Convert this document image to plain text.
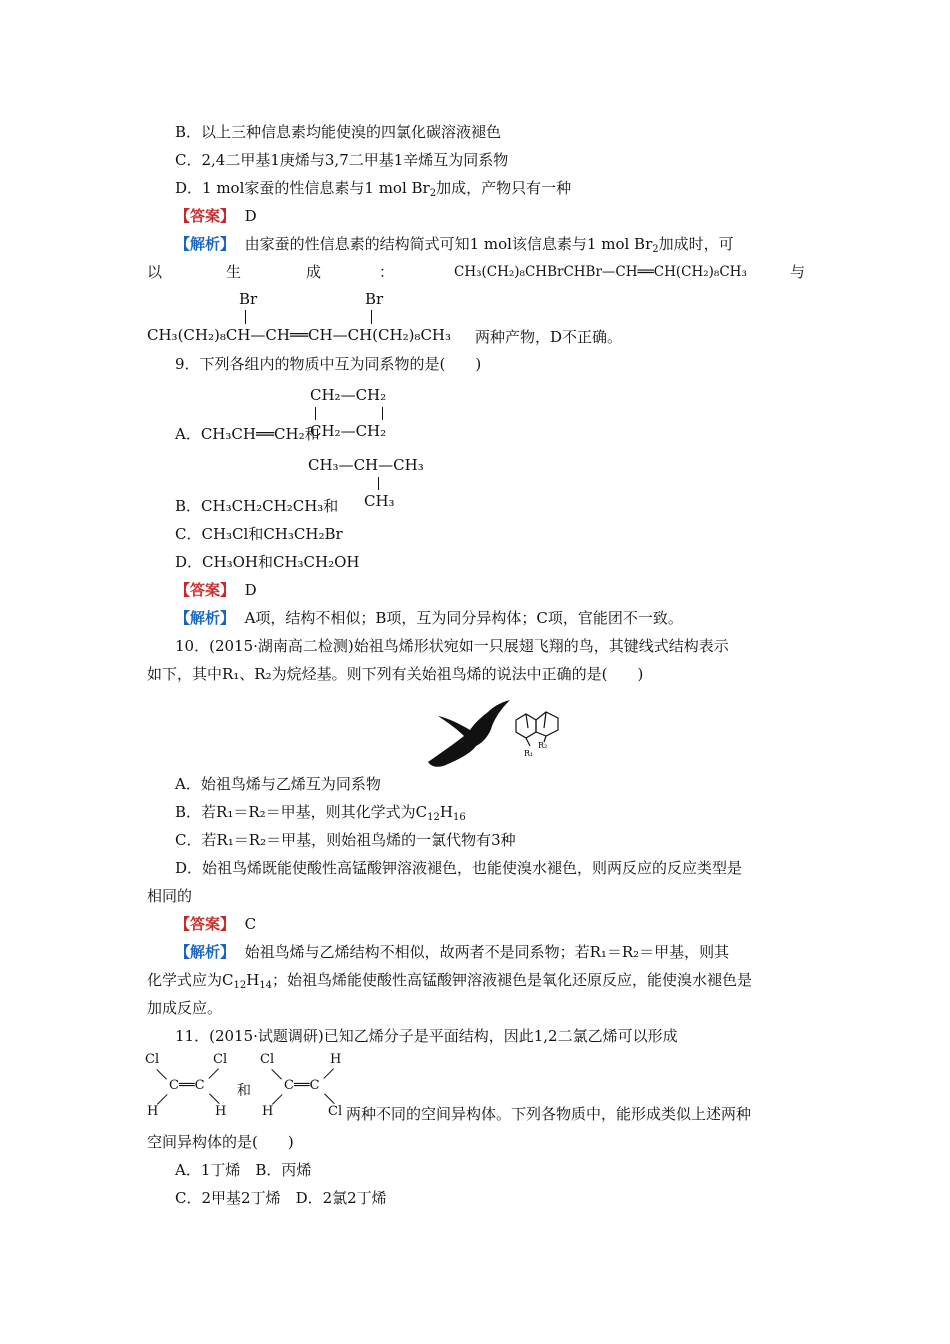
B．以上三种信息素均能使溴的四氯化碳溶液褪色
C．2,4二甲基1庚烯与3,7二甲基1辛烯互为同系物
D．1 mol家蚕的性信息素与1 mol $Br_2$加成，产物只有一种
【答案】 D
【解析】 由家蚕的性信息素的结构简式可知1 mol该信息素与1 mol $Br_2$加成时，可
以	生	成	：	CH₃(CH₂)₈CHBrCHBr—CH══CH(CH₂)₈CH₃	与
Br	Br
CH₃(CH₂)₈CH—CH══CH—CH(CH₂)₈CH₃ 两种产物，D不正确。
9．下列各组内的物质中互为同系物的是(　　)
CH₂—CH₂
CH₂—CH₂
A．CH₃CH══CH₂和
CH₃—CH—CH₃
CH₃
B．CH₃CH₂CH₂CH₃和
C．CH₃Cl和CH₃CH₂Br
D．CH₃OH和CH₃CH₂OH
【答案】 D
【解析】 A项，结构不相似；B项，互为同分异构体；C项，官能团不一致。
10．(2015·湖南高二检测)始祖鸟烯形状宛如一只展翅飞翔的鸟，其键线式结构表示
如下，其中R₁、R₂为烷烃基。则下列有关始祖鸟烯的说法中正确的是(　　)
R₁
R₂
A．始祖鸟烯与乙烯互为同系物
B．若R₁＝R₂＝甲基，则其化学式为$C_{12}H_{16}$
C．若R₁＝R₂＝甲基，则始祖鸟烯的一氯代物有3种
D．始祖鸟烯既能使酸性高锰酸钾溶液褪色，也能使溴水褪色，则两反应的反应类型是
相同的
【答案】 C
【解析】 始祖鸟烯与乙烯结构不相似，故两者不是同系物；若R₁＝R₂＝甲基，则其
化学式应为$C_{12}H_{14}$；始祖鸟烯能使酸性高锰酸钾溶液褪色是氧化还原反应，能使溴水褪色是
加成反应。
11．(2015·试题调研)已知乙烯分子是平面结构，因此1,2二氯乙烯可以形成
Cl	Cl
C══C
H	H
和
Cl	H
C══C
H	Cl 两种不同的空间异构体。下列各物质中，能形成类似上述两种
空间异构体的是(　　)
A．1丁烯　B．丙烯
C．2甲基2丁烯　D．2氯2丁烯
